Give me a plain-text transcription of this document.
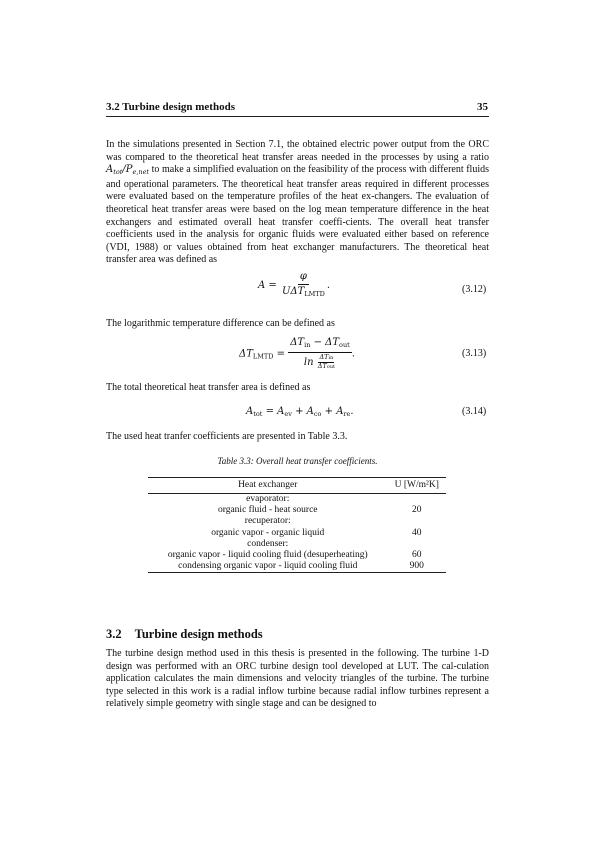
3.2 Turbine design methods	35

In the simulations presented in Section 7.1, the obtained electric power output from the ORC was compared to the theoretical heat transfer areas needed in the processes by using a ratio $A_{tot}/P_{e,net}$ to make a simplified evaluation on the feasibility of the process with different fluids and operational parameters. The theoretical heat transfer areas required in different processes were evaluated based on the temperature profiles of the heat ex-changers. The evaluation of theoretical heat transfer areas were based on the log mean temperature difference in the heat exchangers and estimated overall heat transfer coeffi-cients. The overall heat transfer coefficients used in the analysis for organic fluids were evaluated either based on reference (VDI, 1988) or values obtained from heat exchanger manufacturers. The theoretical heat transfer area was defined as

$A = \frac{\varphi}{U\Delta T_{LMTD}}$ .	(3.12)

The logarithmic temperature difference can be defined as

$\Delta T_{LMTD} = \Delta T_{in} - \Delta T_{out}$
ln ΔTin
ΔTout .	(3.13)

The total theoretical heat transfer area is defined as

$A_{tot} = A_{ev} + A_{co} + A_{re}$.	(3.14)

The used heat tranfer coefficients are presented in Table 3.3.

Table 3.3: Overall heat transfer coefficients.
Heat exchanger	U [W/m²K]
evaporator:	
organic fluid - heat source	20
recuperator:	
organic vapor - organic liquid	40
condenser:	
organic vapor - liquid cooling fluid (desuperheating)	60
condensing organic vapor - liquid cooling fluid	900
3.2 Turbine design methods

The turbine design method used in this thesis is presented in the following. The turbine 1-D design was performed with an ORC turbine design tool developed at LUT. The cal-culation application calculates the main dimensions and velocity triangles of the turbine. The turbine type selected in this work is a radial inflow turbine because radial inflow turbines represent a relatively simple geometry with single stage and can be designed to
